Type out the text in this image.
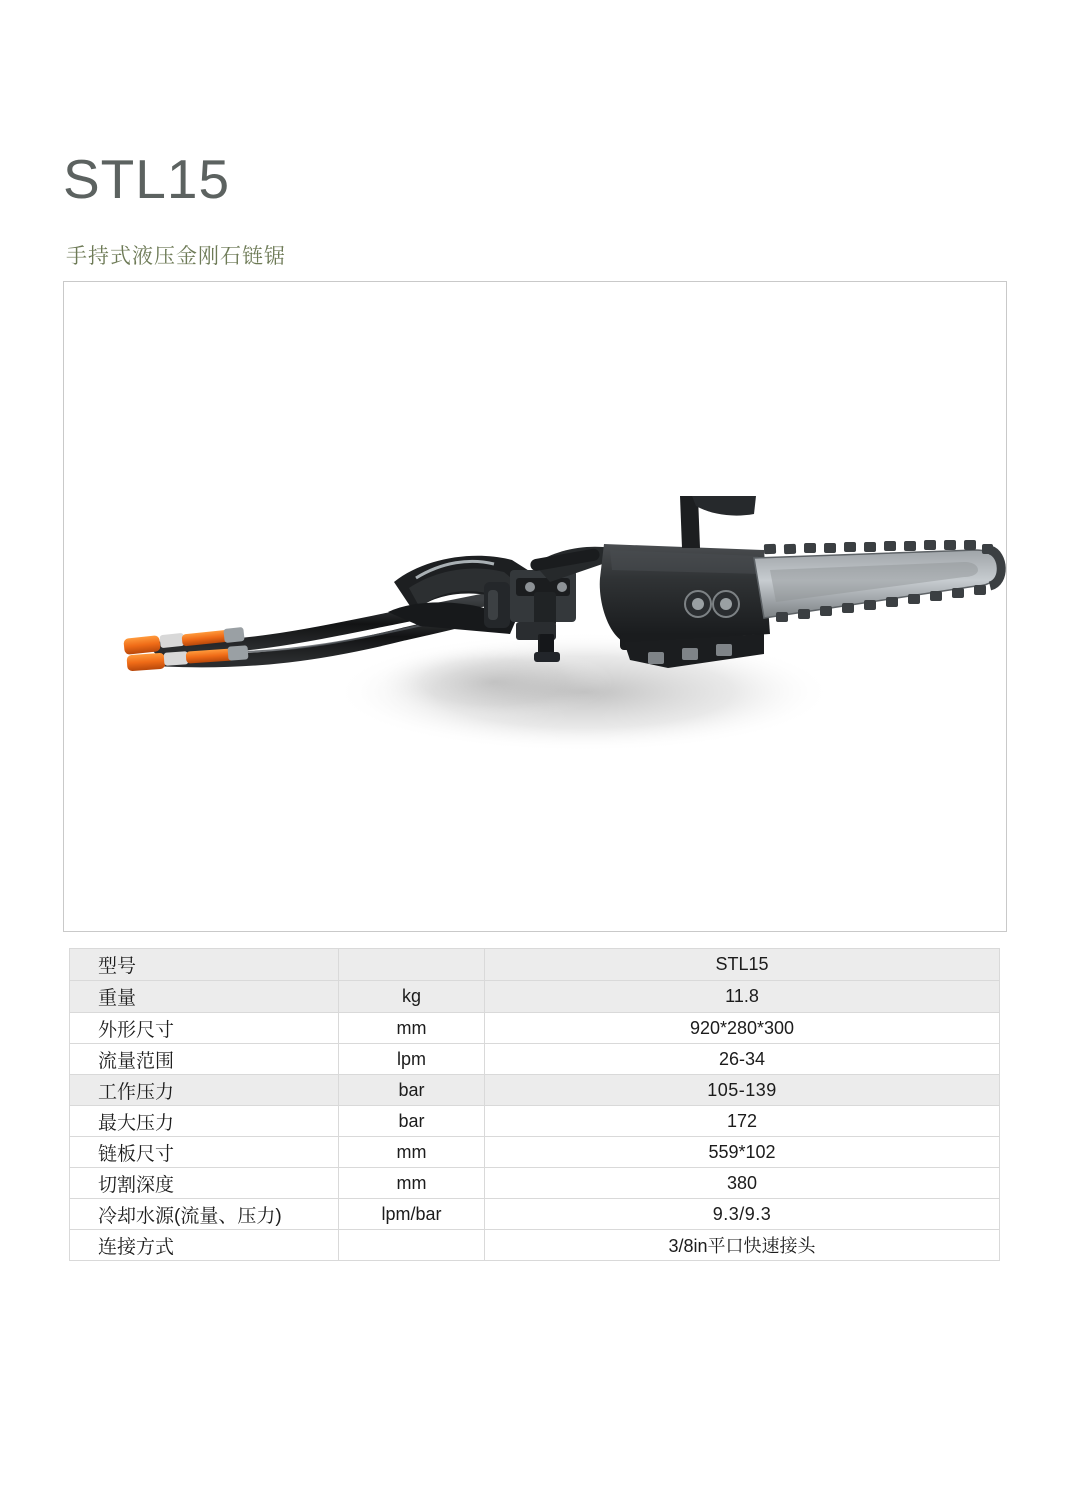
STL15
手持式液压金刚石链锯
型号		STL15
重量	kg	11.8
外形尺寸	mm	920*280*300
流量范围	lpm	26-34
工作压力	bar	105-139
最大压力	bar	172
链板尺寸	mm	559*102
切割深度	mm	380
冷却水源(流量、压力)	lpm/bar	9.3/9.3
连接方式		3/8in平口快速接头
